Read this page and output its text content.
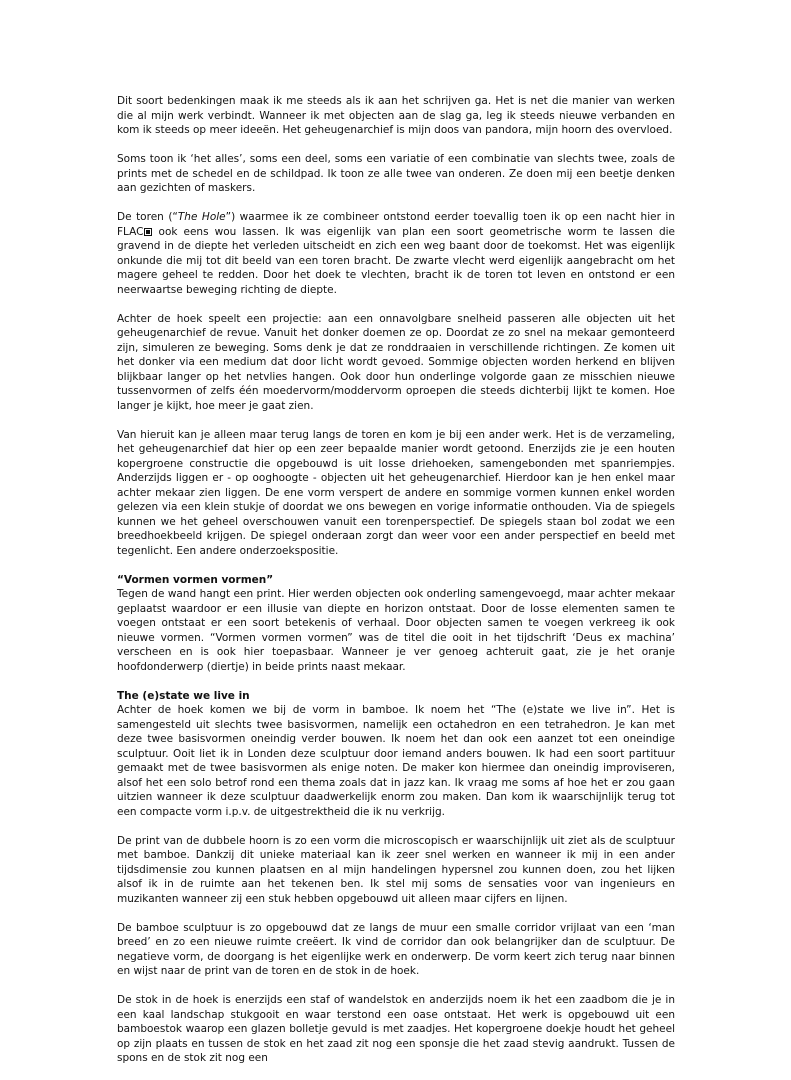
Dit soort bedenkingen maak ik me steeds als ik aan het schrijven ga. Het is net die manier van werken die al mijn werk verbindt. Wanneer ik met objecten aan de slag ga, leg ik steeds nieuwe verbanden en kom ik steeds op meer ideeën. Het geheugenarchief is mijn doos van pandora, mijn hoorn des overvloed.

Soms toon ik ‘het alles’, soms een deel, soms een variatie of een combinatie van slechts twee, zoals de prints met de schedel en de schildpad. Ik toon ze alle twee van onderen. Ze doen mij een beetje denken aan gezichten of maskers.

De toren (“The Hole”) waarmee ik ze combineer ontstond eerder toevallig toen ik op een nacht hier in FLAC ook eens wou lassen. Ik was eigenlijk van plan een soort geometrische worm te lassen die gravend in de diepte het verleden uitscheidt en zich een weg baant door de toekomst. Het was eigenlijk onkunde die mij tot dit beeld van een toren bracht. De zwarte vlecht werd eigenlijk aangebracht om het magere geheel te redden. Door het doek te vlechten, bracht ik de toren tot leven en ontstond er een neerwaartse beweging richting de diepte.

Achter de hoek speelt een projectie: aan een onnavolgbare snelheid passeren alle objecten uit het geheugenarchief de revue. Vanuit het donker doemen ze op. Doordat ze zo snel na mekaar gemonteerd zijn, simuleren ze beweging. Soms denk je dat ze ronddraaien in verschillende richtingen. Ze komen uit het donker via een medium dat door licht wordt gevoed. Sommige objecten worden herkend en blijven blijkbaar langer op het netvlies hangen. Ook door hun onderlinge volgorde gaan ze misschien nieuwe tussenvormen of zelfs één moedervorm/moddervorm oproepen die steeds dichterbij lijkt te komen. Hoe langer je kijkt, hoe meer je gaat zien.

Van hieruit kan je alleen maar terug langs de toren en kom je bij een ander werk. Het is de verzameling, het geheugenarchief dat hier op een zeer bepaalde manier wordt getoond. Enerzijds zie je een houten kopergroene constructie die opgebouwd is uit losse driehoeken, samengebonden met spanriempjes. Anderzijds liggen er - op ooghoogte - objecten uit het geheugenarchief. Hierdoor kan je hen enkel maar achter mekaar zien liggen. De ene vorm verspert de andere en sommige vormen kunnen enkel worden gelezen via een klein stukje of doordat we ons bewegen en vorige informatie onthouden. Via de spiegels kunnen we het geheel overschouwen vanuit een torenperspectief. De spiegels staan bol zodat we een breedhoekbeeld krijgen. De spiegel onderaan zorgt dan weer voor een ander perspectief en beeld met tegenlicht. Een andere onderzoekspositie.

“Vormen vormen vormen”

Tegen de wand hangt een print. Hier werden objecten ook onderling samengevoegd, maar achter mekaar geplaatst waardoor er een illusie van diepte en horizon ontstaat. Door de losse elementen samen te voegen ontstaat er een soort betekenis of verhaal. Door objecten samen te voegen verkreeg ik ook nieuwe vormen. “Vormen vormen vormen” was de titel die ooit in het tijdschrift ‘Deus ex machina’ verscheen en is ook hier toepasbaar. Wanneer je ver genoeg achteruit gaat, zie je het oranje hoofdonderwerp (diertje) in beide prints naast mekaar.

The (e)state we live in

Achter de hoek komen we bij de vorm in bamboe. Ik noem het “The (e)state we live in”. Het is samengesteld uit slechts twee basisvormen, namelijk een octahedron en een tetrahedron. Je kan met deze twee basisvormen oneindig verder bouwen. Ik noem het dan ook een aanzet tot een oneindige sculptuur. Ooit liet ik in Londen deze sculptuur door iemand anders bouwen. Ik had een soort partituur gemaakt met de twee basisvormen als enige noten. De maker kon hiermee dan oneindig improviseren, alsof het een solo betrof rond een thema zoals dat in jazz kan. Ik vraag me soms af hoe het er zou gaan uitzien wanneer ik deze sculptuur daadwerkelijk enorm zou maken. Dan kom ik waarschijnlijk terug tot een compacte vorm i.p.v. de uitgestrektheid die ik nu verkrijg.

De print van de dubbele hoorn is zo een vorm die microscopisch er waarschijnlijk uit ziet als de sculptuur met bamboe. Dankzij dit unieke materiaal kan ik zeer snel werken en wanneer ik mij in een ander tijdsdimensie zou kunnen plaatsen en al mijn handelingen hypersnel zou kunnen doen, zou het lijken alsof ik in de ruimte aan het tekenen ben. Ik stel mij soms de sensaties voor van ingenieurs en muzikanten wanneer zij een stuk hebben opgebouwd uit alleen maar cijfers en lijnen.

De bamboe sculptuur is zo opgebouwd dat ze langs de muur een smalle corridor vrijlaat van een ‘man breed’ en zo een nieuwe ruimte creëert. Ik vind de corridor dan ook belangrijker dan de sculptuur. De negatieve vorm, de doorgang is het eigenlijke werk en onderwerp. De vorm keert zich terug naar binnen en wijst naar de print van de toren en de stok in de hoek.

De stok in de hoek is enerzijds een staf of wandelstok en anderzijds noem ik het een zaadbom die je in een kaal landschap stukgooit en waar terstond een oase ontstaat. Het werk is opgebouwd uit een bamboestok waarop een glazen bolletje gevuld is met zaadjes. Het kopergroene doekje houdt het geheel op zijn plaats en tussen de stok en het zaad zit nog een sponsje die het zaad stevig aandrukt. Tussen de spons en de stok zit nog een
